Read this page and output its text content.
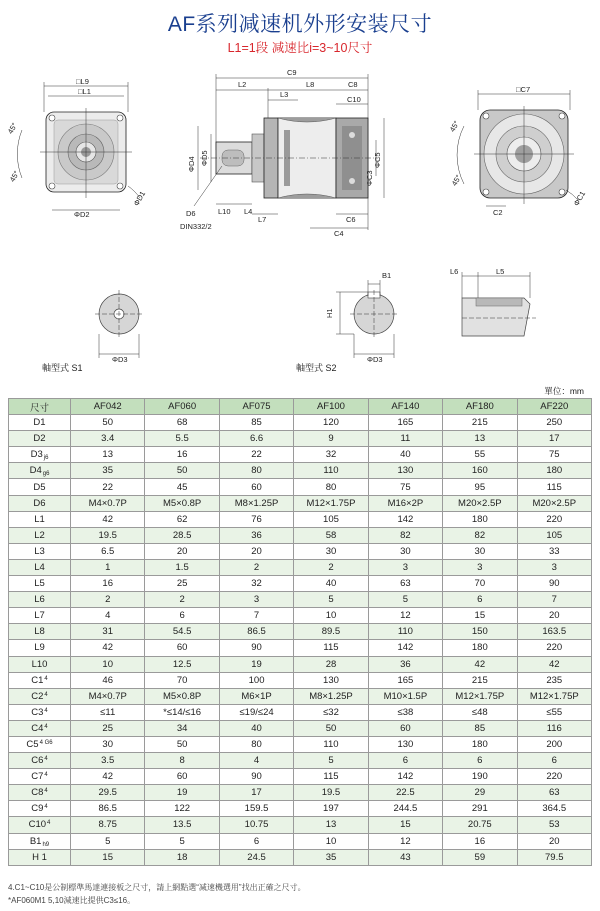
AF系列减速机外形安装尺寸
L1=1段 减速比i=3~10尺寸
□L9
□L1
45°
45°
ΦD1
ΦD2
C9
L2	L8	C8
L3
C10
ΦD4 ΦD5	ΦC5
ΦC3
L10 L4
L7	C6
C4
D6
DIN332/2
□C7
45°
45°
ΦC1
C2
ΦD3
軸型式 S1
B1
H1
ΦD3
軸型式 S2
L6	L5
單位：mm
尺寸	AF042	AF060	AF075	AF100	AF140	AF180	AF220
D1	50	68	85	120	165	215	250
D2	3.4	5.5	6.6	9	11	13	17
$D3_{j6}$	13	16	22	32	40	55	75
$D4_{g6}$	35	50	80	110	130	160	180
D5	22	45	60	80	75	95	115
D6	M4×0.7P	M5×0.8P	M8×1.25P	M12×1.75P	M16×2P	M20×2.5P	M20×2.5P
L1	42	62	76	105	142	180	220
L2	19.5	28.5	36	58	82	82	105
L3	6.5	20	20	30	30	30	33
L4	1	1.5	2	2	3	3	3
L5	16	25	32	40	63	70	90
L6	2	2	3	5	5	6	7
L7	4	6	7	10	12	15	20
L8	31	54.5	86.5	89.5	110	150	163.5
L9	42	60	90	115	142	180	220
L10	10	12.5	19	28	36	42	42
$C1^4$	46	70	100	130	165	215	235
$C2^4$	M4×0.7P	M5×0.8P	M6×1P	M8×1.25P	M10×1.5P	M12×1.75P	M12×1.75P
$C3^4$	≤11	*≤14/≤16	≤19/≤24	≤32	≤38	≤48	≤55
$C4^4$	25	34	40	50	60	85	116
$C5^{4 G6}$	30	50	80	110	130	180	200
$C6^4$	3.5	8	4	5	6	6	6
$C7^4$	42	60	90	115	142	190	220
$C8^4$	29.5	19	17	19.5	22.5	29	63
$C9^4$	86.5	122	159.5	197	244.5	291	364.5
$C10^4$	8.75	13.5	10.75	13	15	20.75	53
$B1_{h9}$	5	5	6	10	12	16	20
H 1	15	18	24.5	35	43	59	79.5
4.C1~C10是公制標準馬達連接板之尺寸，請上網點選“减速機選用”找出正確之尺寸。
*AF060M1 5,10減速比提供C3≤16。
